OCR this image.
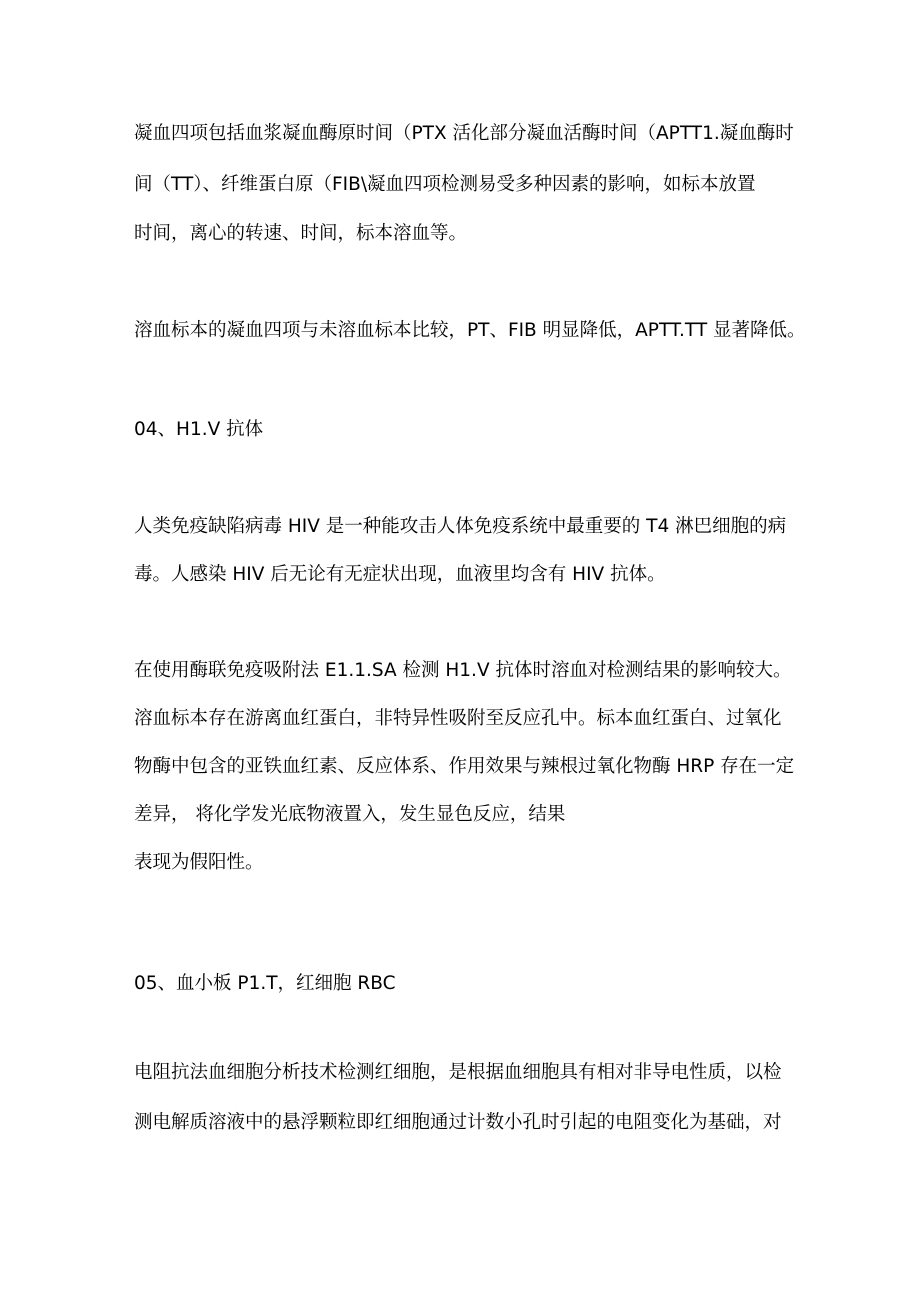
凝血四项包括血浆凝血酶原时间（PTX 活化部分凝血活酶时间（APTT1.凝血酶时

间（TT）、纤维蛋白原（FIB\凝血四项检测易受多种因素的影响，如标本放置

时间，离心的转速、时间，标本溶血等。

溶血标本的凝血四项与未溶血标本比较，PT、FIB 明显降低，APTT.TT 显著降低。

04、H1.V 抗体

人类免疫缺陷病毒 HIV 是一种能攻击人体免疫系统中最重要的 T4 淋巴细胞的病

毒。人感染 HIV 后无论有无症状出现，血液里均含有 HIV 抗体。

在使用酶联免疫吸附法 E1.1.SA 检测 H1.V 抗体时溶血对检测结果的影响较大。

溶血标本存在游离血红蛋白，非特异性吸附至反应孔中。标本血红蛋白、过氧化

物酶中包含的亚铁血红素、反应体系、作用效果与辣根过氧化物酶 HRP 存在一定

差异， 将化学发光底物液置入，发生显色反应，结果

表现为假阳性。

05、血小板 P1.T，红细胞 RBC

电阻抗法血细胞分析技术检测红细胞，是根据血细胞具有相对非导电性质，以检

测电解质溶液中的悬浮颗粒即红细胞通过计数小孔时引起的电阻变化为基础，对
